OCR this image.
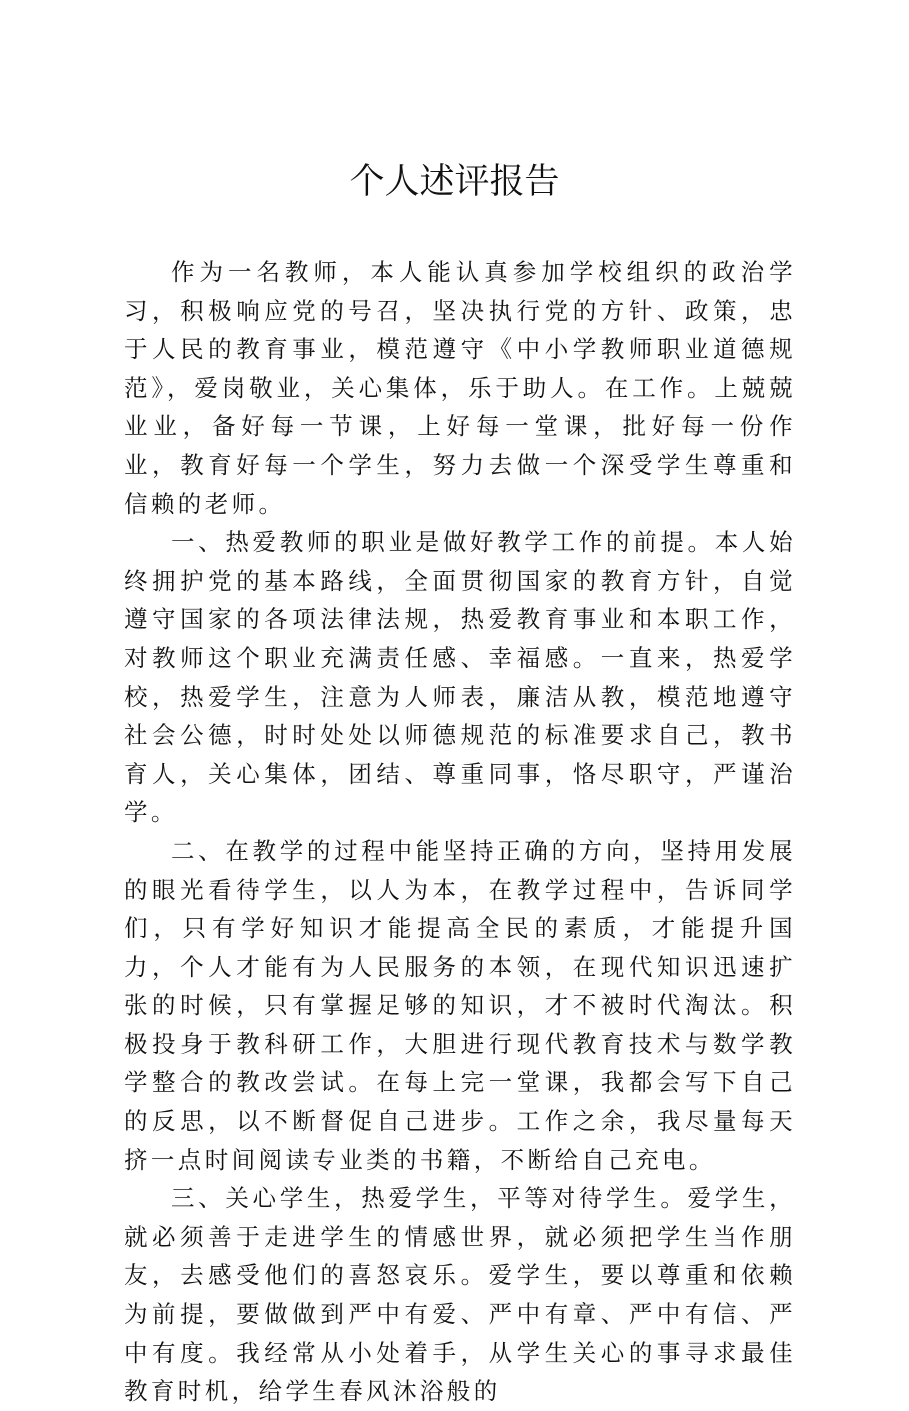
个人述评报告

作为一名教师，本人能认真参加学校组织的政治学习，积极响应党的号召，坚决执行党的方针、政策，忠于人民的教育事业，模范遵守《中小学教师职业道德规范》，爱岗敬业，关心集体，乐于助人。在工作。上兢兢业业，备好每一节课，上好每一堂课，批好每一份作业，教育好每一个学生，努力去做一个深受学生尊重和信赖的老师。

一、热爱教师的职业是做好教学工作的前提。本人始终拥护党的基本路线，全面贯彻国家的教育方针，自觉遵守国家的各项法律法规，热爱教育事业和本职工作，对教师这个职业充满责任感、幸福感。一直来，热爱学校，热爱学生，注意为人师表，廉洁从教，模范地遵守社会公德，时时处处以师德规范的标准要求自己，教书育人，关心集体，团结、尊重同事，恪尽职守，严谨治学。

二、在教学的过程中能坚持正确的方向，坚持用发展的眼光看待学生，以人为本，在教学过程中，告诉同学们，只有学好知识才能提高全民的素质，才能提升国力，个人才能有为人民服务的本领，在现代知识迅速扩张的时候，只有掌握足够的知识，才不被时代淘汰。积极投身于教科研工作，大胆进行现代教育技术与数学教学整合的教改尝试。在每上完一堂课，我都会写下自己的反思，以不断督促自己进步。工作之余，我尽量每天挤一点时间阅读专业类的书籍，不断给自己充电。

三、关心学生，热爱学生，平等对待学生。爱学生，就必须善于走进学生的情感世界，就必须把学生当作朋友，去感受他们的喜怒哀乐。爱学生，要以尊重和依赖为前提，要做做到严中有爱、严中有章、严中有信、严中有度。我经常从小处着手，从学生关心的事寻求最佳教育时机，给学生春风沐浴般的
